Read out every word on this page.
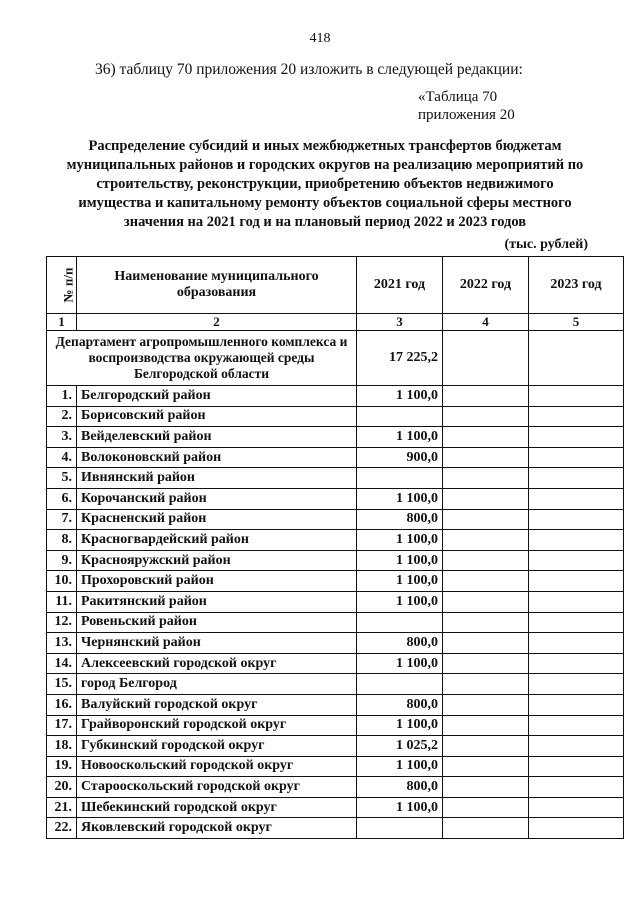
418
36) таблицу 70 приложения 20 изложить в следующей редакции:
«Таблица 70
приложения 20
Распределение субсидий и иных межбюджетных трансфертов бюджетам муниципальных районов и городских округов на реализацию мероприятий по строительству, реконструкции, приобретению объектов недвижимого имущества и капитальному ремонту объектов социальной сферы местного значения на 2021 год и на плановый период 2022 и 2023 годов
(тыс. рублей)
№ п/п	Наименование муниципального образования	2021 год	2022 год	2023 год
1	2	3	4	5
Департамент агропромышленного комплекса и воспроизводства окружающей среды Белгородской области		17 225,2		
1.	Белгородский район	1 100,0		
2.	Борисовский район			
3.	Вейделевский район	1 100,0		
4.	Волоконовский район	900,0		
5.	Ивнянский район			
6.	Корочанский район	1 100,0		
7.	Красненский район	800,0		
8.	Красногвардейский район	1 100,0		
9.	Краснояружский район	1 100,0		
10.	Прохоровский район	1 100,0		
11.	Ракитянский район	1 100,0		
12.	Ровеньский район			
13.	Чернянский район	800,0		
14.	Алексеевский городской округ	1 100,0		
15.	город Белгород			
16.	Валуйский городской округ	800,0		
17.	Грайворонский городской округ	1 100,0		
18.	Губкинский городской округ	1 025,2		
19.	Новооскольский городской округ	1 100,0		
20.	Старооскольский городской округ	800,0		
21.	Шебекинский городской округ	1 100,0		
22.	Яковлевский городской округ			
